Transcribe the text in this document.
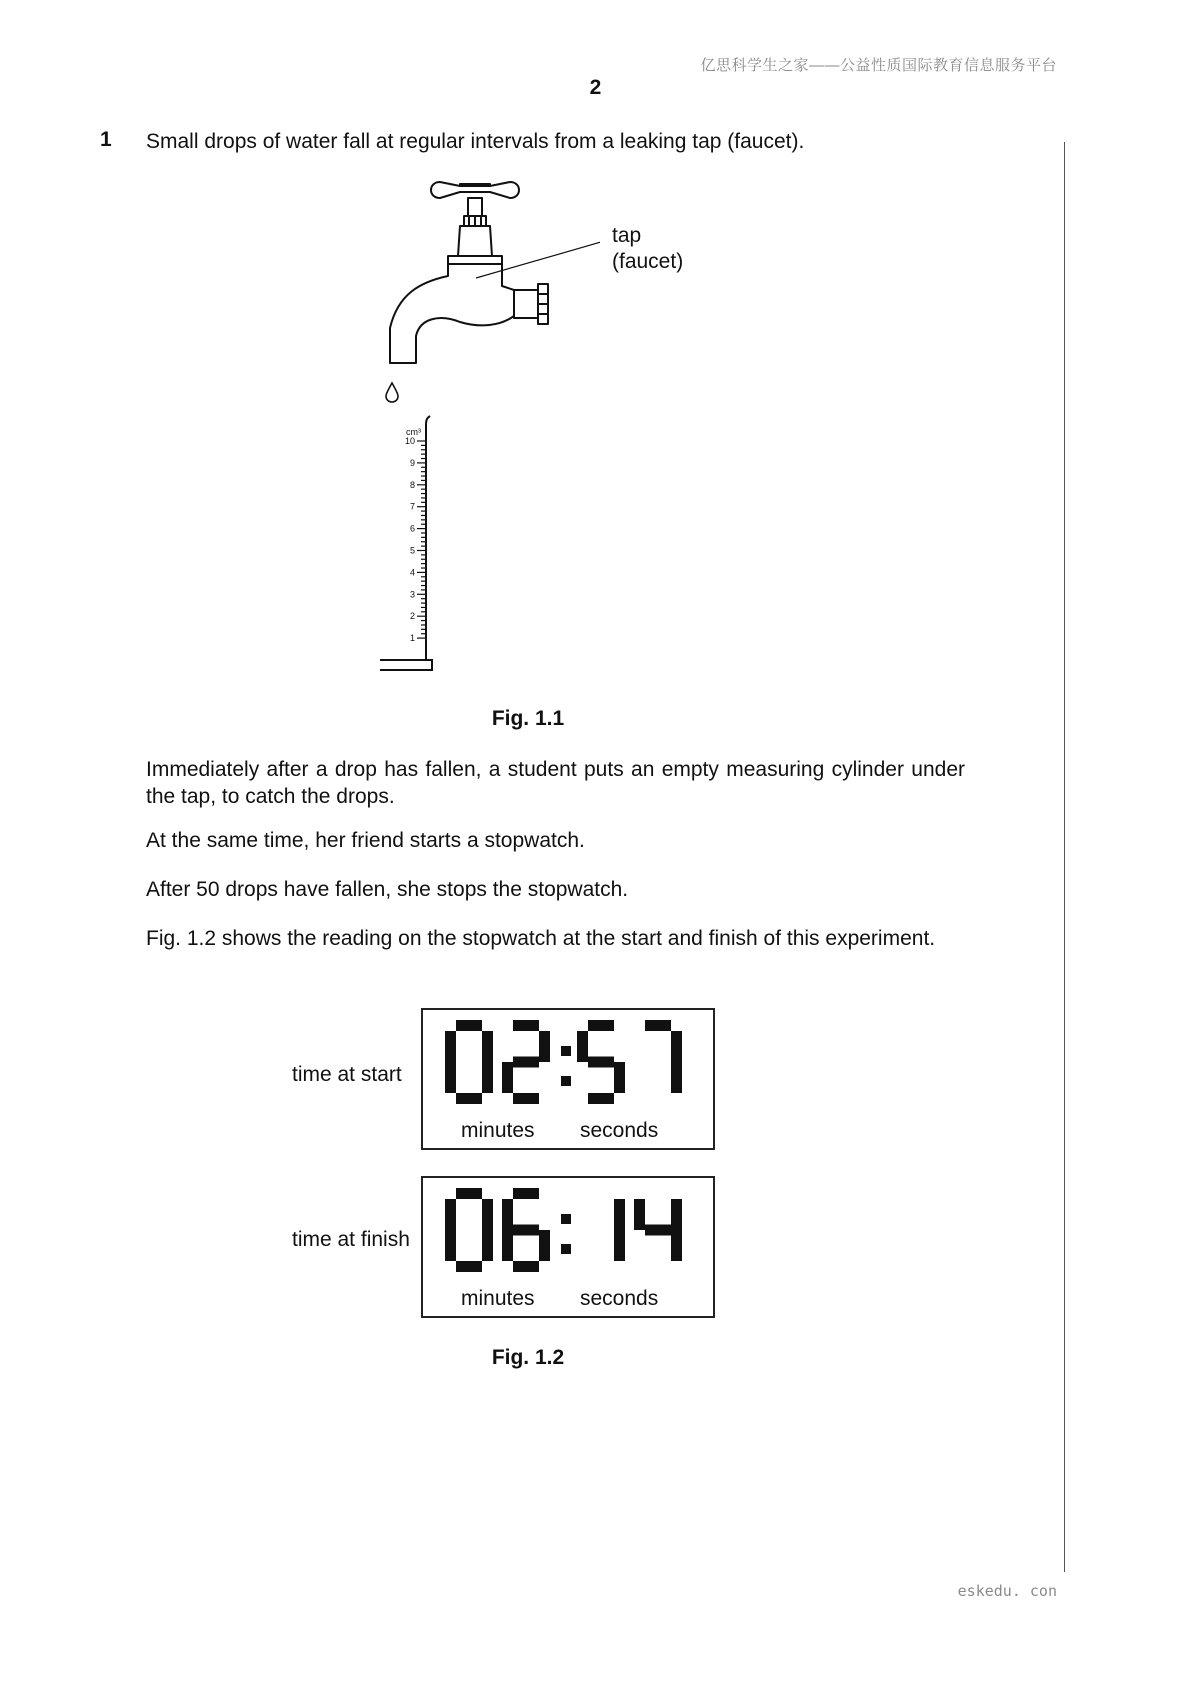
亿思科学生之家——公益性质国际教育信息服务平台
2
1 Small drops of water fall at regular intervals from a leaking tap (faucet).
cm³
10
9
8
7
6
5
4
3
2
1
tap
(faucet)
Fig. 1.1
Immediately after a drop has fallen, a student puts an empty measuring cylinder under the tap, to catch the drops.
At the same time, her friend starts a stopwatch.
After 50 drops have fallen, she stops the stopwatch.
Fig. 1.2 shows the reading on the stopwatch at the start and finish of this experiment.
time at start
minutes seconds
time at finish
minutes seconds
Fig. 1.2
eskedu. con
